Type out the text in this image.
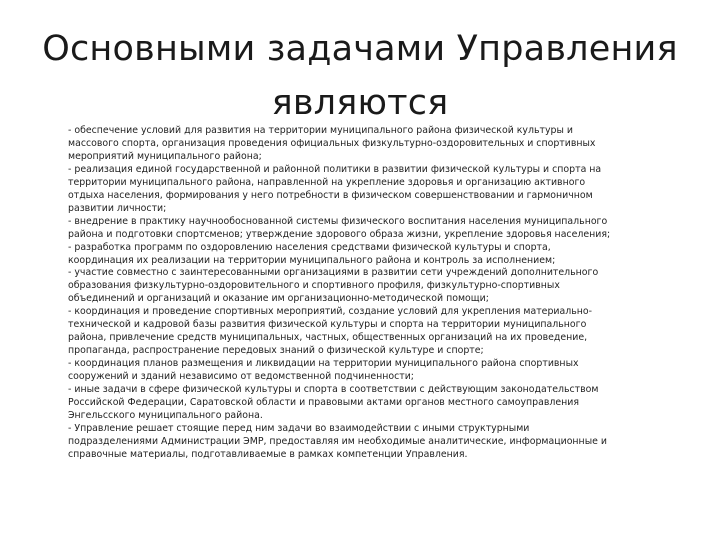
Основными задачами Управления
являются
- обеспечение условий для развития на территории муниципального района физической культуры и
массового спорта, организация проведения официальных физкультурно-оздоровительных и спортивных
мероприятий муниципального района;
- реализация единой государственной и районной политики в развитии физической культуры и спорта на
территории муниципального района, направленной на укрепление здоровья и организацию активного
отдыха населения, формирования у него потребности в физическом совершенствовании и гармоничном
развитии личности;
- внедрение в практику научнообоснованной системы физического воспитания населения муниципального
района и подготовки спортсменов; утверждение здорового образа жизни, укрепление здоровья населения;
- разработка программ по оздоровлению населения средствами физической культуры и спорта,
координация их реализации на территории муниципального района и контроль за исполнением;
- участие совместно с заинтересованными организациями в развитии сети учреждений дополнительного
образования физкультурно-оздоровительного и спортивного профиля, физкультурно-спортивных
объединений и организаций и оказание им организационно-методической помощи;
- координация и проведение спортивных мероприятий, создание условий для укрепления материально-
технической и кадровой базы развития физической культуры и спорта на территории муниципального
района, привлечение средств муниципальных, частных, общественных организаций на их проведение,
пропаганда, распространение передовых знаний о физической культуре и спорте;
- координация планов размещения и ликвидации на территории муниципального района спортивных
сооружений и зданий независимо от ведомственной подчиненности;
- иные задачи в сфере физической культуры и спорта в соответствии с действующим законодательством
Российской Федерации, Саратовской области и правовыми актами органов местного самоуправления
Энгельсского муниципального района.
- Управление решает стоящие перед ним задачи во взаимодействии с иными структурными
подразделениями Администрации ЭМР, предоставляя им необходимые аналитические, информационные и
справочные материалы, подготавливаемые в рамках компетенции Управления.
